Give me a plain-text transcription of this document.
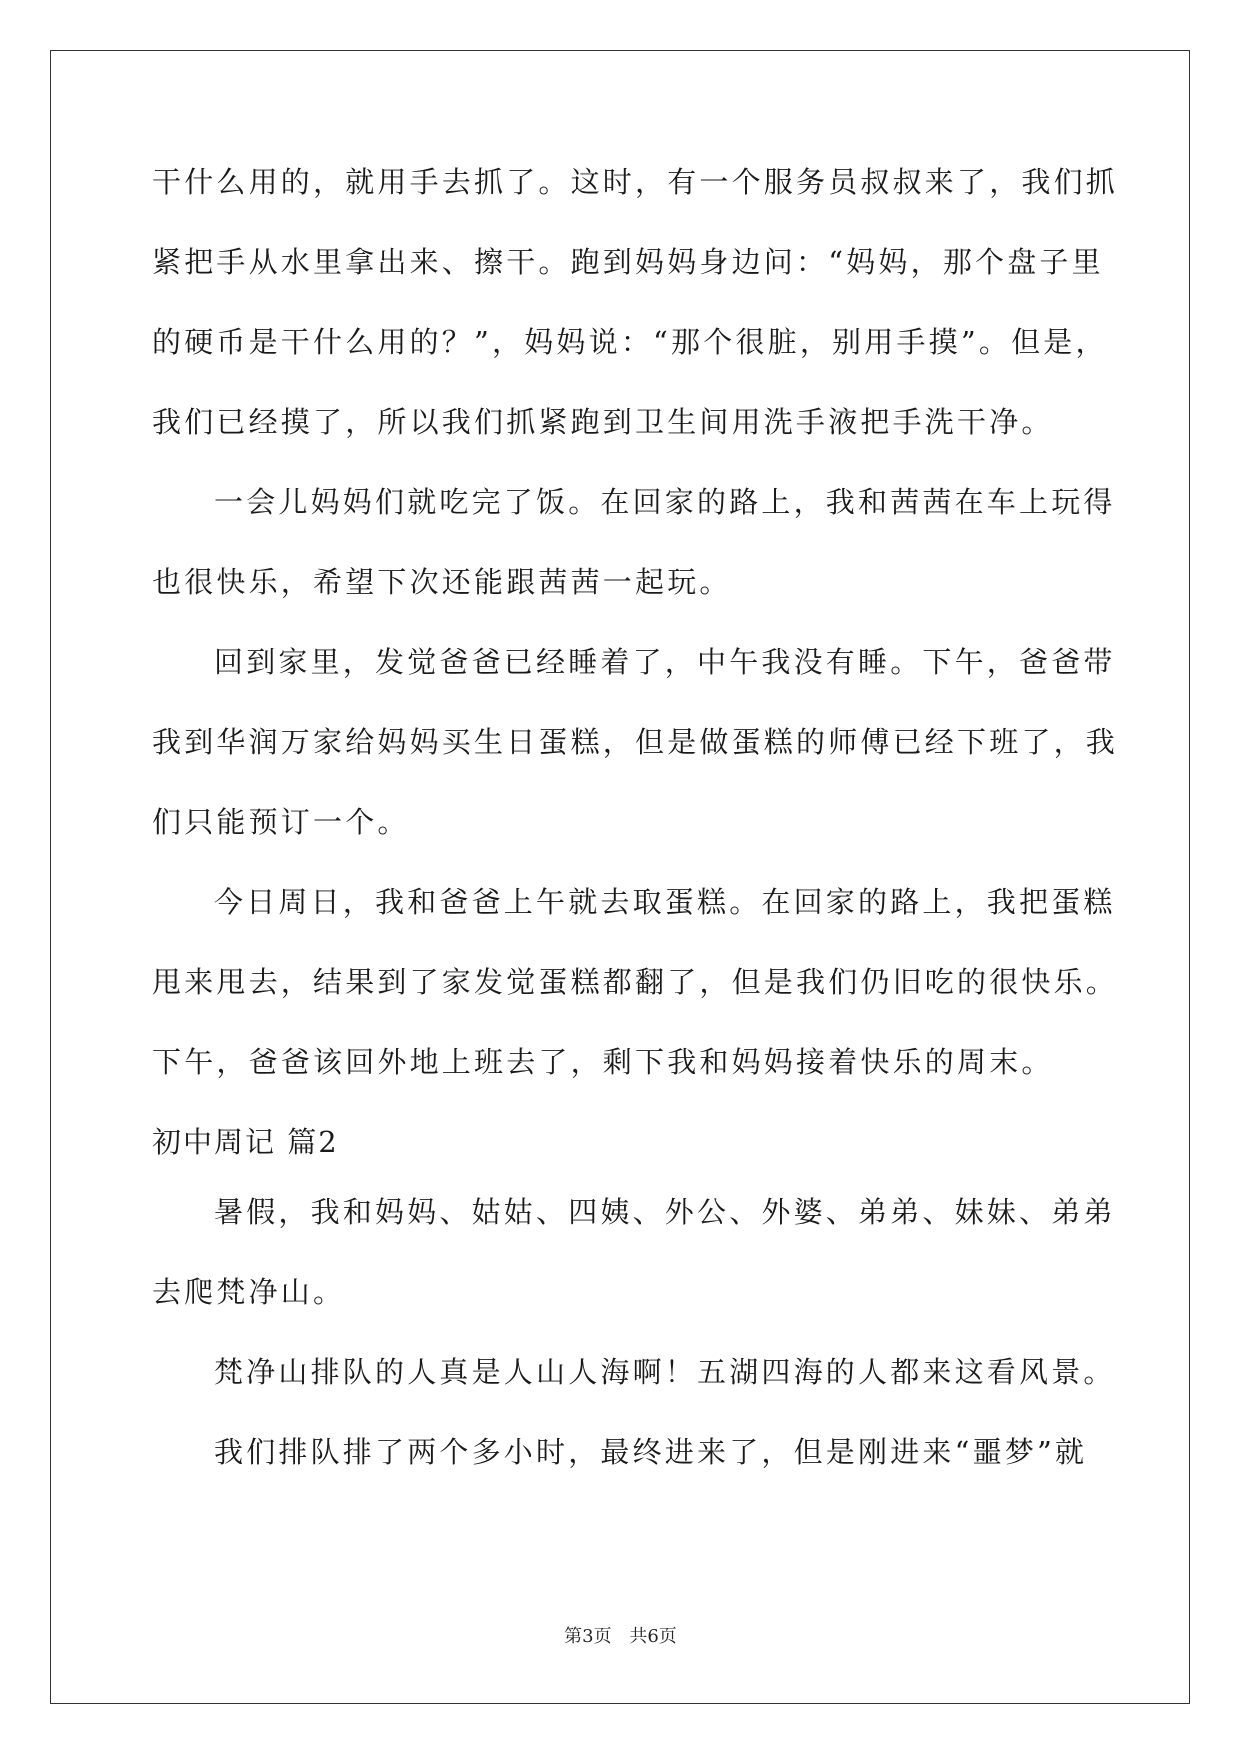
干什么用的，就用手去抓了。这时，有一个服务员叔叔来了，我们抓
紧把手从水里拿出来、擦干。跑到妈妈身边问：“妈妈，那个盘子里
的硬币是干什么用的？”，妈妈说：“那个很脏，别用手摸”。但是，
我们已经摸了，所以我们抓紧跑到卫生间用洗手液把手洗干净。
一会儿妈妈们就吃完了饭。在回家的路上，我和茜茜在车上玩得
也很快乐，希望下次还能跟茜茜一起玩。
回到家里，发觉爸爸已经睡着了，中午我没有睡。下午，爸爸带
我到华润万家给妈妈买生日蛋糕，但是做蛋糕的师傅已经下班了，我
们只能预订一个。
今日周日，我和爸爸上午就去取蛋糕。在回家的路上，我把蛋糕
甩来甩去，结果到了家发觉蛋糕都翻了，但是我们仍旧吃的很快乐。
下午，爸爸该回外地上班去了，剩下我和妈妈接着快乐的周末。
初中周记 篇2
暑假，我和妈妈、姑姑、四姨、外公、外婆、弟弟、妹妹、弟弟
去爬梵净山。
梵净山排队的人真是人山人海啊！五湖四海的人都来这看风景。
我们排队排了两个多小时，最终进来了，但是刚进来“噩梦”就
第3页 共6页
